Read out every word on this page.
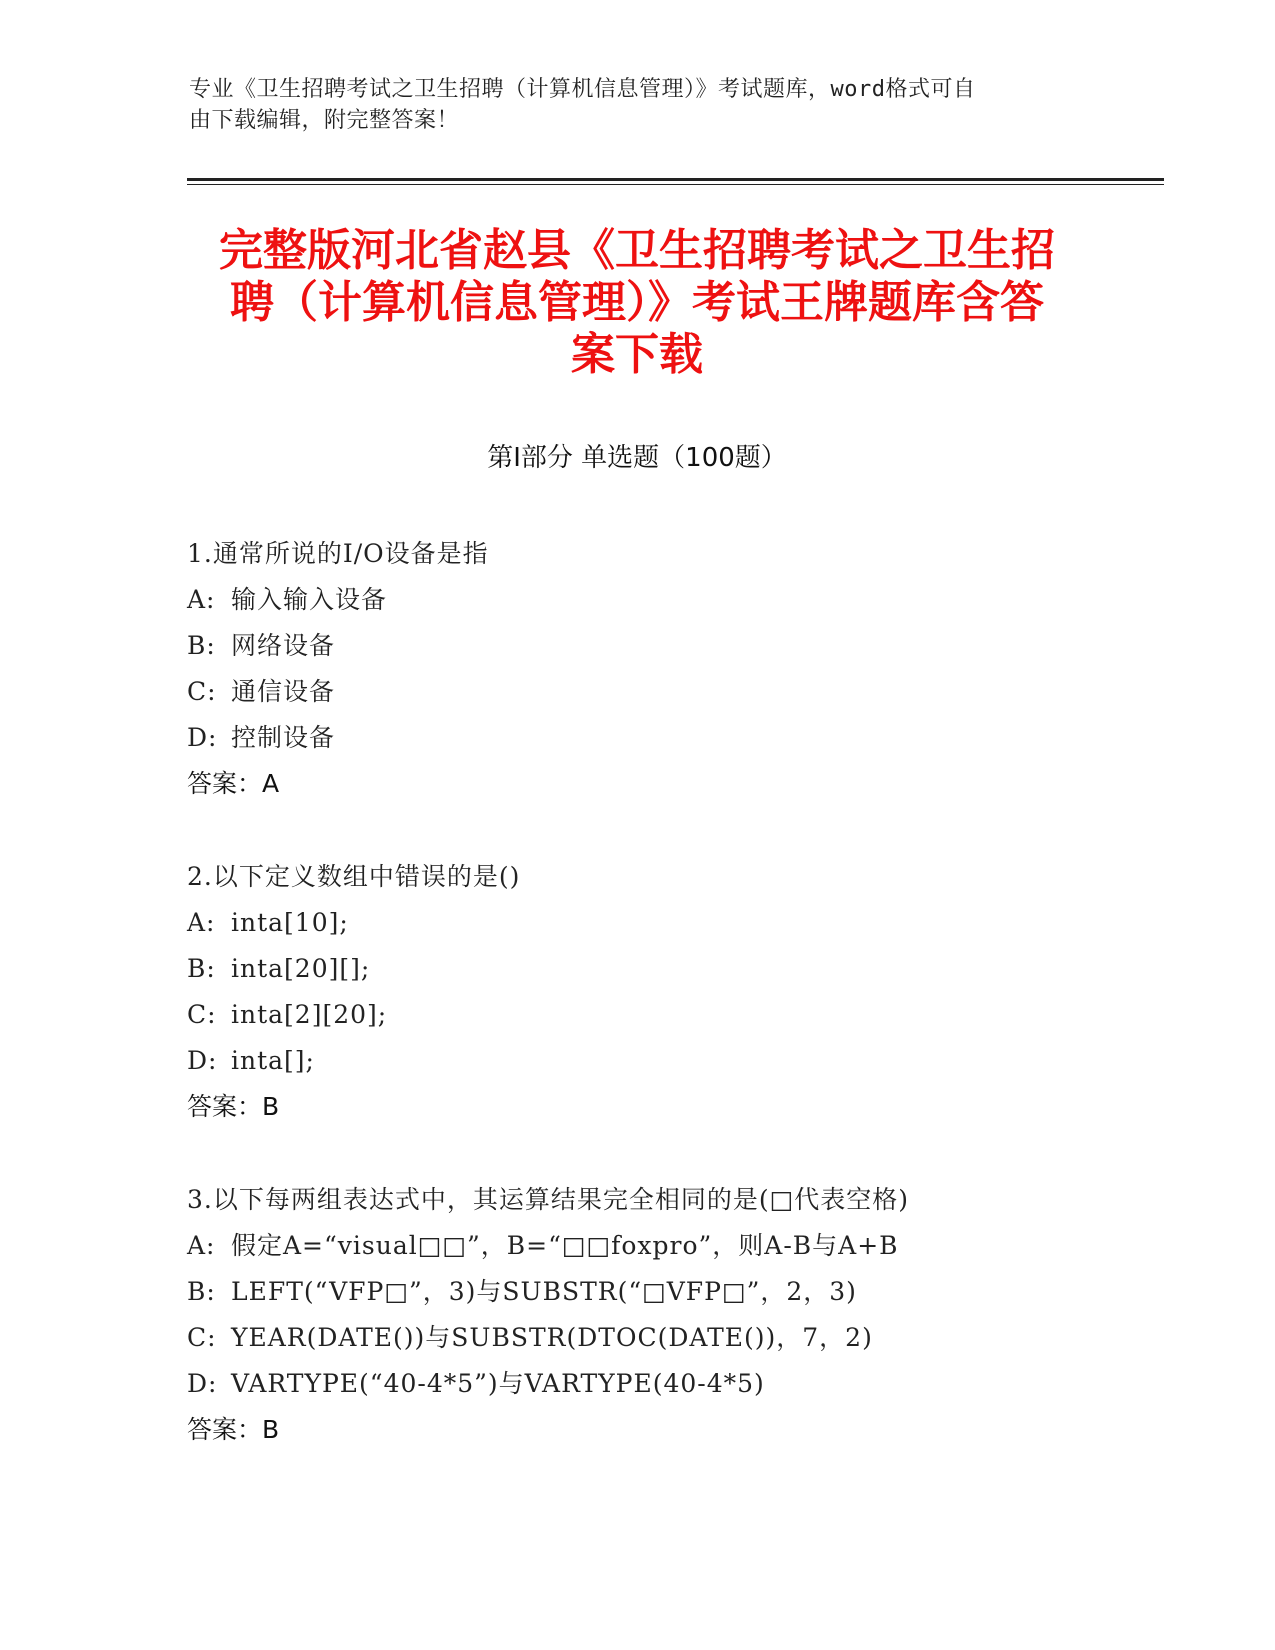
专业《卫生招聘考试之卫生招聘（计算机信息管理）》考试题库，word格式可自
由下载编辑，附完整答案！
完整版河北省赵县《卫生招聘考试之卫生招
聘（计算机信息管理）》考试王牌题库含答
案下载
第Ⅰ部分 单选题（100题）
1.通常所说的I/O设备是指
A: 输入输入设备
B: 网络设备
C: 通信设备
D: 控制设备
答案：A
2.以下定义数组中错误的是()
A: inta[10];
B: inta[20][];
C: inta[2][20];
D: inta[];
答案：B
3.以下每两组表达式中，其运算结果完全相同的是(□代表空格)
A: 假定A=“visual□□”，B=“□□foxpro”，则A-B与A+B
B: LEFT(“VFP□”，3)与SUBSTR(“□VFP□”，2，3)
C: YEAR(DATE())与SUBSTR(DTOC(DATE())，7，2)
D: VARTYPE(“40-4*5”)与VARTYPE(40-4*5)
答案：B
